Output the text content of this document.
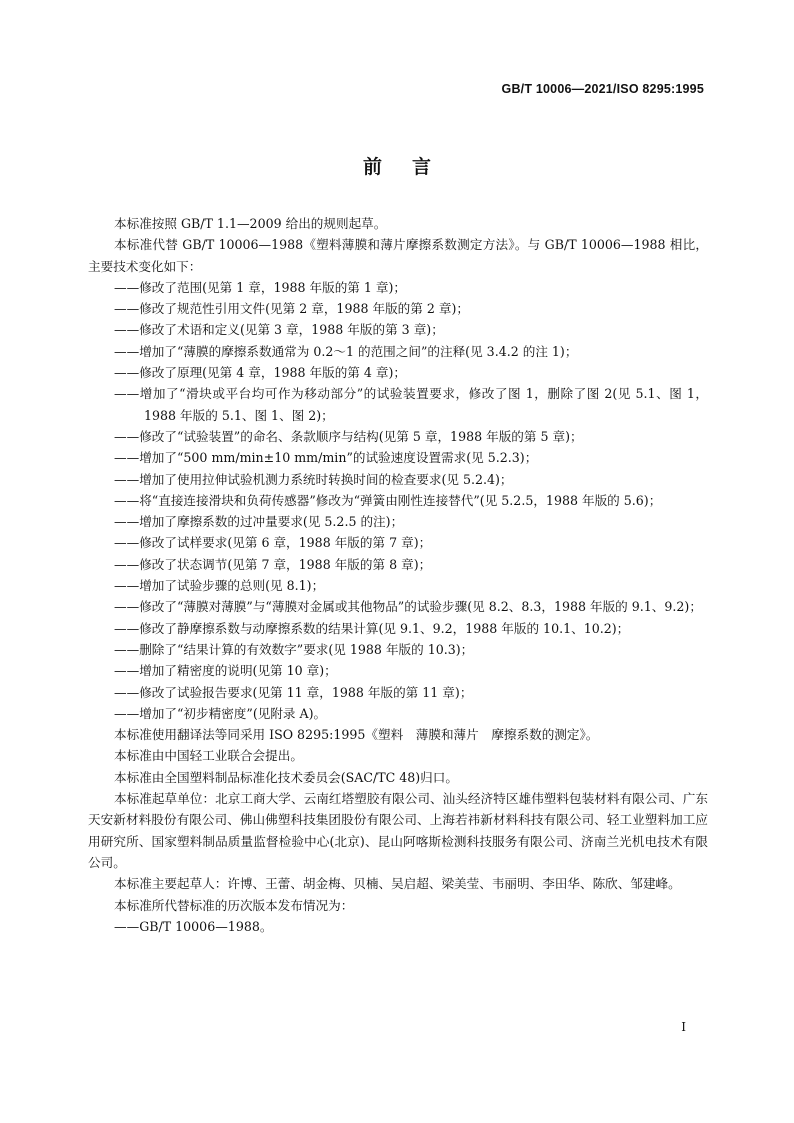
GB/T 10006—2021/ISO 8295:1995
前言

本标准按照 GB/T 1.1—2009 给出的规则起草。

本标准代替 GB/T 10006—1988《塑料薄膜和薄片摩擦系数测定方法》。与 GB/T 10006—1988 相比，主要技术变化如下：

——修改了范围(见第 1 章，1988 年版的第 1 章)；

——修改了规范性引用文件(见第 2 章，1988 年版的第 2 章)；

——修改了术语和定义(见第 3 章，1988 年版的第 3 章)；

——增加了“薄膜的摩擦系数通常为 0.2～1 的范围之间”的注释(见 3.4.2 的注 1)；

——修改了原理(见第 4 章，1988 年版的第 4 章)；

——增加了“滑块或平台均可作为移动部分”的试验装置要求，修改了图 1，删除了图 2(见 5.1、图 1，1988 年版的 5.1、图 1、图 2)；

——修改了“试验装置”的命名、条款顺序与结构(见第 5 章，1988 年版的第 5 章)；

——增加了“500 mm/min±10 mm/min”的试验速度设置需求(见 5.2.3)；

——增加了使用拉伸试验机测力系统时转换时间的检查要求(见 5.2.4)；

——将“直接连接滑块和负荷传感器”修改为“弹簧由刚性连接替代”(见 5.2.5，1988 年版的 5.6)；

——增加了摩擦系数的过冲量要求(见 5.2.5 的注)；

——修改了试样要求(见第 6 章，1988 年版的第 7 章)；

——修改了状态调节(见第 7 章，1988 年版的第 8 章)；

——增加了试验步骤的总则(见 8.1)；

——修改了“薄膜对薄膜”与“薄膜对金属或其他物品”的试验步骤(见 8.2、8.3，1988 年版的 9.1、9.2)；

——修改了静摩擦系数与动摩擦系数的结果计算(见 9.1、9.2，1988 年版的 10.1、10.2)；

——删除了“结果计算的有效数字”要求(见 1988 年版的 10.3)；

——增加了精密度的说明(见第 10 章)；

——修改了试验报告要求(见第 11 章，1988 年版的第 11 章)；

——增加了“初步精密度”(见附录 A)。

本标准使用翻译法等同采用 ISO 8295:1995《塑料　薄膜和薄片　摩擦系数的测定》。

本标准由中国轻工业联合会提出。

本标准由全国塑料制品标准化技术委员会(SAC/TC 48)归口。

本标准起草单位：北京工商大学、云南红塔塑胶有限公司、汕头经济特区雄伟塑料包装材料有限公司、广东天安新材料股份有限公司、佛山佛塑科技集团股份有限公司、上海若祎新材料科技有限公司、轻工业塑料加工应用研究所、国家塑料制品质量监督检验中心(北京)、昆山阿喀斯检测科技服务有限公司、济南兰光机电技术有限公司。

本标准主要起草人：许博、王蕾、胡金梅、贝楠、吴启超、梁美莹、韦丽明、李田华、陈欣、邹建峰。

本标准所代替标准的历次版本发布情况为：

——GB/T 10006—1988。

I
